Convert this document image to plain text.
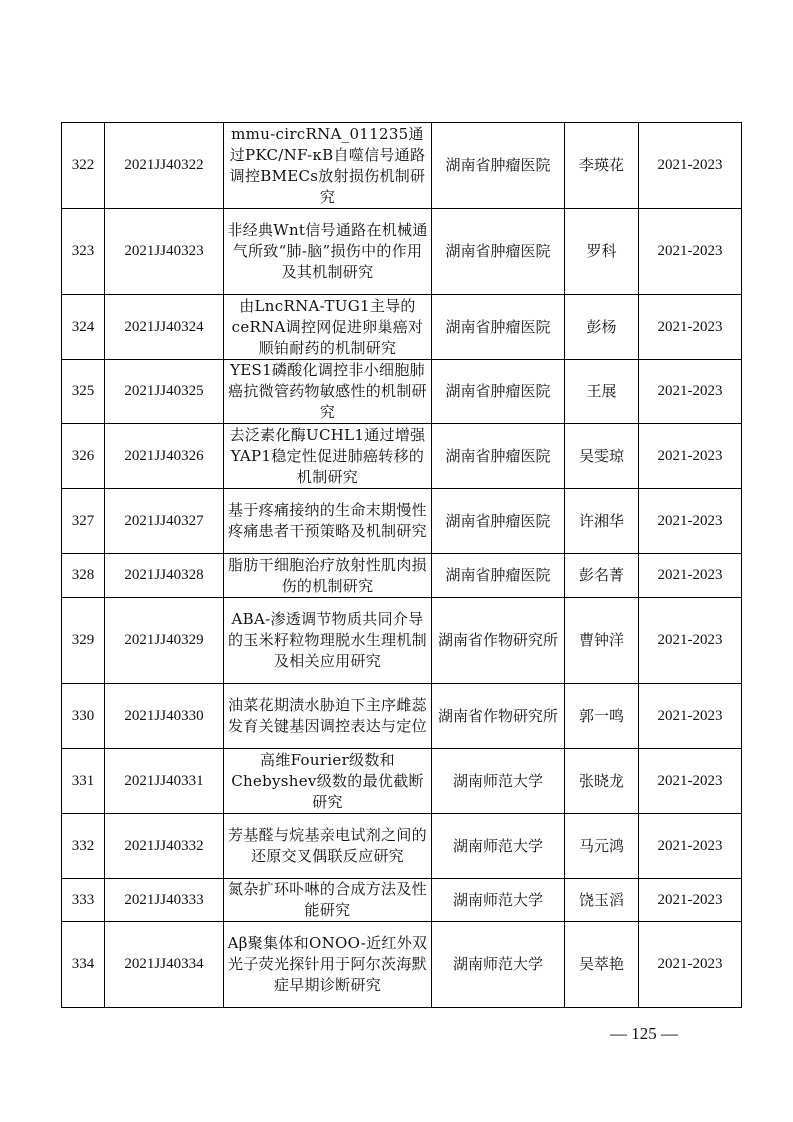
322	2021JJ40322	mmu-circRNA_011235通过PKC/NF-κB自噬信号通路调控BMECs放射损伤机制研究	湖南省肿瘤医院	李瑛花	2021-2023
323	2021JJ40323	非经典Wnt信号通路在机械通气所致“肺-脑”损伤中的作用及其机制研究	湖南省肿瘤医院	罗科	2021-2023
324	2021JJ40324	由LncRNA-TUG1主导的ceRNA调控网促进卵巢癌对顺铂耐药的机制研究	湖南省肿瘤医院	彭杨	2021-2023
325	2021JJ40325	YES1磷酸化调控非小细胞肺癌抗微管药物敏感性的机制研究	湖南省肿瘤医院	王展	2021-2023
326	2021JJ40326	去泛素化酶UCHL1通过增强YAP1稳定性促进肺癌转移的机制研究	湖南省肿瘤医院	吴雯琼	2021-2023
327	2021JJ40327	基于疼痛接纳的生命末期慢性疼痛患者干预策略及机制研究	湖南省肿瘤医院	许湘华	2021-2023
328	2021JJ40328	脂肪干细胞治疗放射性肌肉损伤的机制研究	湖南省肿瘤医院	彭名菁	2021-2023
329	2021JJ40329	ABA-渗透调节物质共同介导的玉米籽粒物理脱水生理机制及相关应用研究	湖南省作物研究所	曹钟洋	2021-2023
330	2021JJ40330	油菜花期渍水胁迫下主序雌蕊发育关键基因调控表达与定位	湖南省作物研究所	郭一鸣	2021-2023
331	2021JJ40331	高维Fourier级数和Chebyshev级数的最优截断研究	湖南师范大学	张晓龙	2021-2023
332	2021JJ40332	芳基醛与烷基亲电试剂之间的还原交叉偶联反应研究	湖南师范大学	马元鸿	2021-2023
333	2021JJ40333	氮杂扩环卟啉的合成方法及性能研究	湖南师范大学	饶玉滔	2021-2023
334	2021JJ40334	Aβ聚集体和ONOO-近红外双光子荧光探针用于阿尔茨海默症早期诊断研究	湖南师范大学	吴萃艳	2021-2023
— 125 —
